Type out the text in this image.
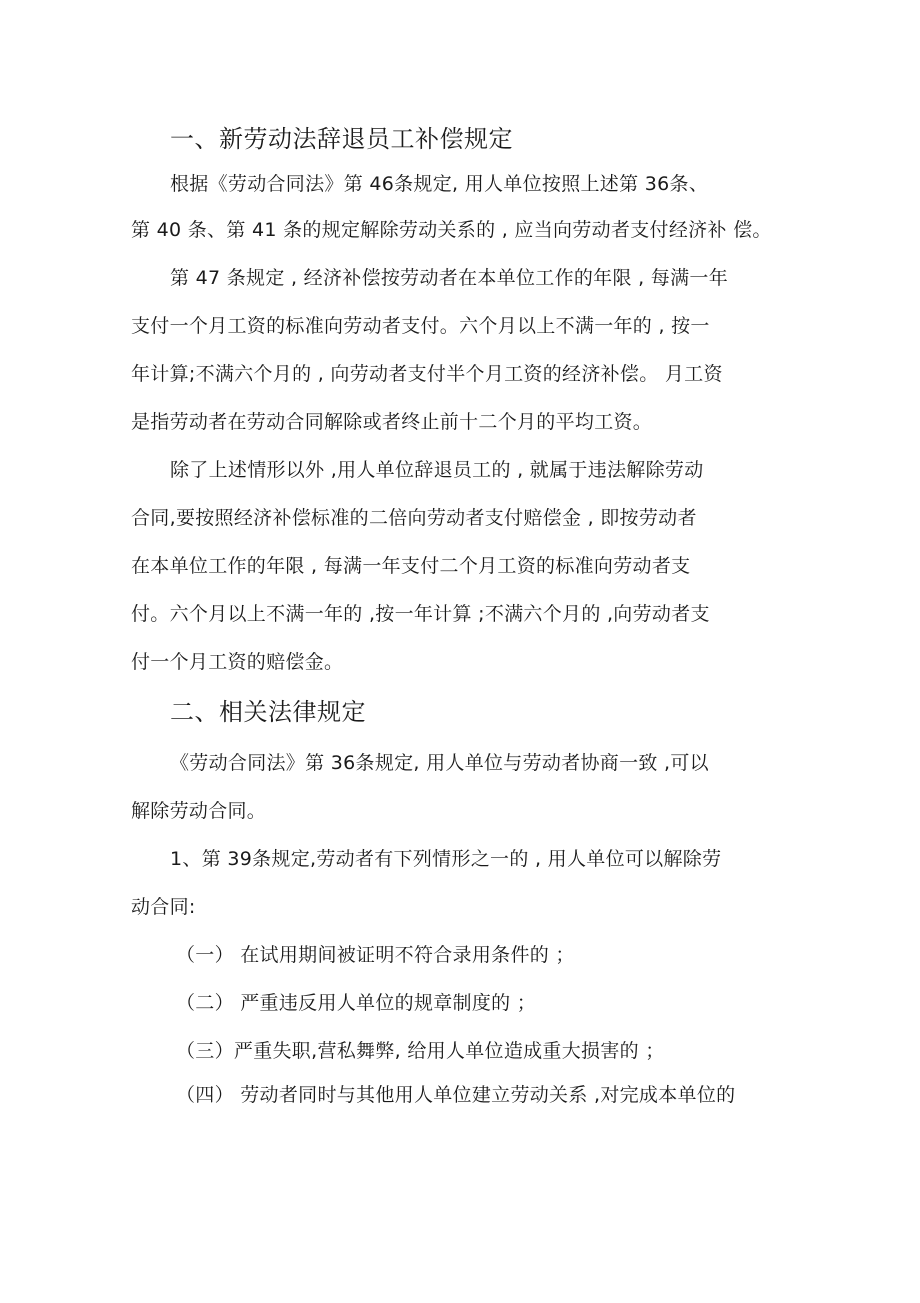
一、新劳动法辞退员工补偿规定
根据《劳动合同法》第 46条规定, 用人单位按照上述第 36条、
第 40 条、第 41 条的规定解除劳动关系的 , 应当向劳动者支付经济补 偿。
第 47 条规定 , 经济补偿按劳动者在本单位工作的年限 , 每满一年
支付一个月工资的标准向劳动者支付。六个月以上不满一年的 , 按一
年计算;不满六个月的 , 向劳动者支付半个月工资的经济补偿。 月工资
是指劳动者在劳动合同解除或者终止前十二个月的平均工资。
除了上述情形以外 ,用人单位辞退员工的 , 就属于违法解除劳动
合同,要按照经济补偿标准的二倍向劳动者支付赔偿金 , 即按劳动者
在本单位工作的年限 , 每满一年支付二个月工资的标准向劳动者支
付。六个月以上不满一年的 ,按一年计算 ;不满六个月的 ,向劳动者支
付一个月工资的赔偿金。
二、相关法律规定
《劳动合同法》第 36条规定, 用人单位与劳动者协商一致 ,可以
解除劳动合同。
1、第 39条规定,劳动者有下列情形之一的 , 用人单位可以解除劳
动合同:
（一） 在试用期间被证明不符合录用条件的 ；
（二） 严重违反用人单位的规章制度的 ；
（三）严重失职,营私舞弊, 给用人单位造成重大损害的 ；
（四） 劳动者同时与其他用人单位建立劳动关系 ,对完成本单位的
